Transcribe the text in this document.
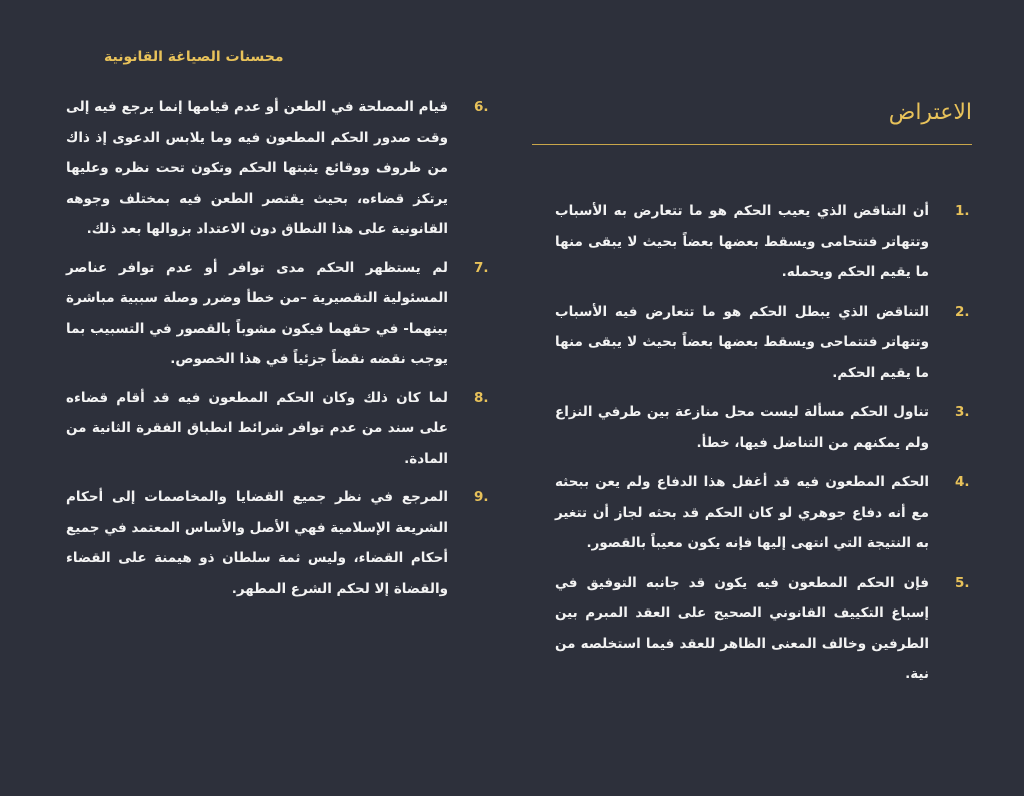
محسنات الصياغة القانونية
الاعتراض
1.
أن التناقض الذي يعيب الحكم هو ما تتعارض به الأسباب وتتهاتر فتتحامى ويسقط بعضها بعضاً بحيث لا يبقى منها ما يقيم الحكم ويحمله.
2.
التناقض الذي يبطل الحكم هو ما تتعارض فيه الأسباب وتتهاتر فتتماحى ويسقط بعضها بعضاً بحيث لا يبقى منها ما يقيم الحكم.
3.
تناول الحكم مسألة ليست محل منازعة بين طرفي النزاع ولم يمكنهم من التناضل فيها، خطأ.
4.
الحكم المطعون فيه قد أغفل هذا الدفاع ولم يعن ببحثه مع أنه دفاع جوهري لو كان الحكم قد بحثه لجاز أن تتغير به النتيجة التي انتهى إليها فإنه يكون معيباً بالقصور.
5.
فإن الحكم المطعون فيه يكون قد جانبه التوفيق في إسباغ التكييف القانوني الصحيح على العقد المبرم بين الطرفين وخالف المعنى الظاهر للعقد فيما استخلصه من نية.
6.
قيام المصلحة في الطعن أو عدم قيامها إنما يرجع فيه إلى وقت صدور الحكم المطعون فيه وما يلابس الدعوى إذ ذاك من ظروف ووقائع يثبتها الحكم وتكون تحت نظره وعليها يرتكز قضاءه، بحيث يقتصر الطعن فيه بمختلف وجوهه القانونية على هذا النطاق دون الاعتداد بزوالها بعد ذلك.
7.
لم يستظهر الحكم مدى توافر أو عدم توافر عناصر المسئولية التقصيرية –من خطأ وضرر وصلة سببية مباشرة بينهما- في حقهما فيكون مشوباً بالقصور في التسبيب بما يوجب نقضه نقضاً جزئياً في هذا الخصوص.
8.
لما كان ذلك وكان الحكم المطعون فيه قد أقام قضاءه على سند من عدم توافر شرائط انطباق الفقرة الثانية من المادة.
9.
المرجع في نظر جميع القضايا والمخاصمات إلى أحكام الشريعة الإسلامية فهي الأصل والأساس المعتمد في جميع أحكام القضاء، وليس ثمة سلطان ذو هيمنة على القضاء والقضاة إلا لحكم الشرع المطهر.
